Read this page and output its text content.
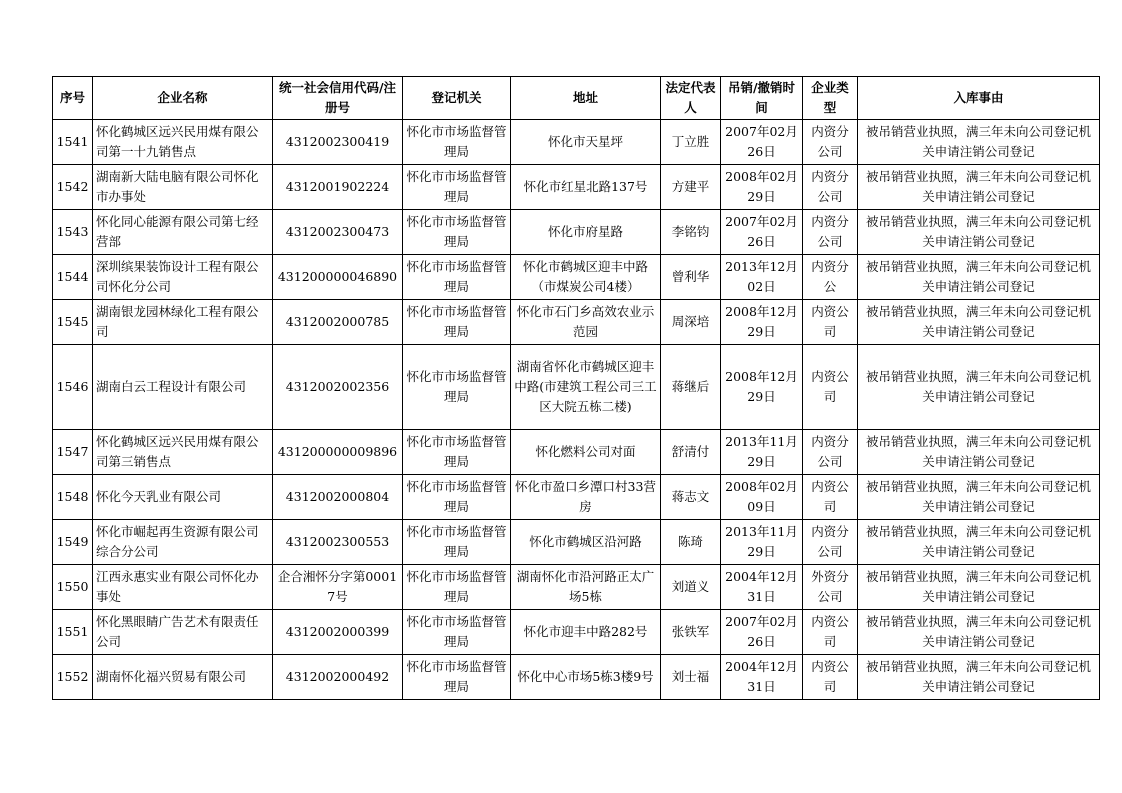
序号	企业名称	统一社会信用代码/注册号	登记机关	地址	法定代表人	吊销/撤销时间	企业类型	入库事由
1541	怀化鹤城区远兴民用煤有限公司第一十九销售点	4312002300419	怀化市市场监督管理局	怀化市天星坪	丁立胜	2007年02月26日	内资分公司	被吊销营业执照，满三年未向公司登记机关申请注销公司登记
1542	湖南新大陆电脑有限公司怀化市办事处	4312001902224	怀化市市场监督管理局	怀化市红星北路137号	方建平	2008年02月29日	内资分公司	被吊销营业执照，满三年未向公司登记机关申请注销公司登记
1543	怀化同心能源有限公司第七经营部	4312002300473	怀化市市场监督管理局	怀化市府星路	李铭钧	2007年02月26日	内资分公司	被吊销营业执照，满三年未向公司登记机关申请注销公司登记
1544	深圳缤果装饰设计工程有限公司怀化分公司	431200000046890	怀化市市场监督管理局	怀化市鹤城区迎丰中路（市煤炭公司4楼）	曾利华	2013年12月02日	内资分公	被吊销营业执照，满三年未向公司登记机关申请注销公司登记
1545	湖南银龙园林绿化工程有限公司	4312002000785	怀化市市场监督管理局	怀化市石门乡高效农业示范园	周深培	2008年12月29日	内资公司	被吊销营业执照，满三年未向公司登记机关申请注销公司登记
1546	湖南白云工程设计有限公司	4312002002356	怀化市市场监督管理局	湖南省怀化市鹤城区迎丰中路(市建筑工程公司三工区大院五栋二楼)	蒋继后	2008年12月29日	内资公司	被吊销营业执照，满三年未向公司登记机关申请注销公司登记
1547	怀化鹤城区远兴民用煤有限公司第三销售点	431200000009896	怀化市市场监督管理局	怀化燃料公司对面	舒清付	2013年11月29日	内资分公司	被吊销营业执照，满三年未向公司登记机关申请注销公司登记
1548	怀化今天乳业有限公司	4312002000804	怀化市市场监督管理局	怀化市盈口乡潭口村33营房	蒋志文	2008年02月09日	内资公司	被吊销营业执照，满三年未向公司登记机关申请注销公司登记
1549	怀化市崛起再生资源有限公司综合分公司	4312002300553	怀化市市场监督管理局	怀化市鹤城区沿河路	陈琦	2013年11月29日	内资分公司	被吊销营业执照，满三年未向公司登记机关申请注销公司登记
1550	江西永惠实业有限公司怀化办事处	企合湘怀分字第00017号	怀化市市场监督管理局	湖南怀化市沿河路正太广场5栋	刘道义	2004年12月31日	外资分公司	被吊销营业执照，满三年未向公司登记机关申请注销公司登记
1551	怀化黑眼睛广告艺术有限责任公司	4312002000399	怀化市市场监督管理局	怀化市迎丰中路282号	张铁军	2007年02月26日	内资公司	被吊销营业执照，满三年未向公司登记机关申请注销公司登记
1552	湖南怀化福兴贸易有限公司	4312002000492	怀化市市场监督管理局	怀化中心市场5栋3楼9号	刘士福	2004年12月31日	内资公司	被吊销营业执照，满三年未向公司登记机关申请注销公司登记
